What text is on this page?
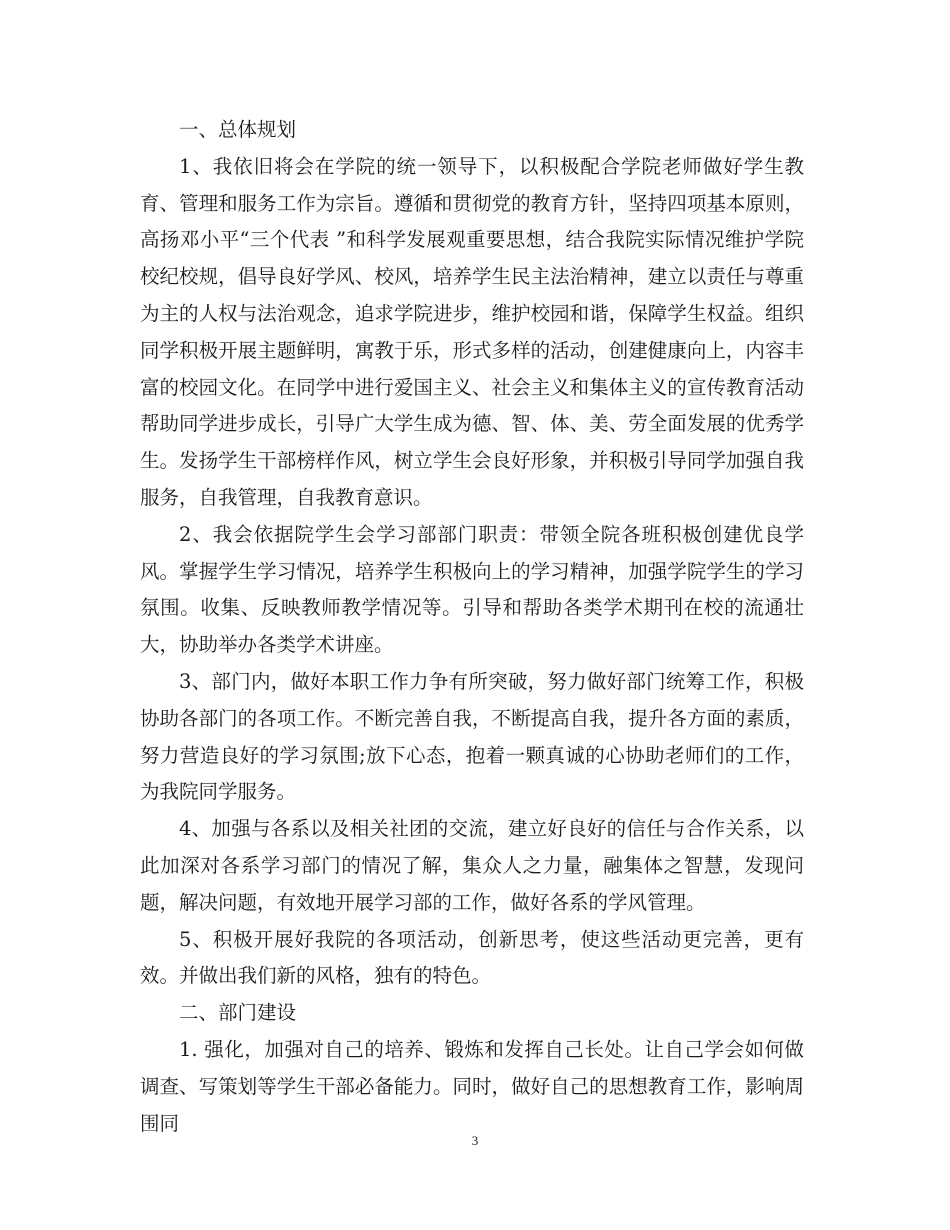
一、总体规划

1、我依旧将会在学院的统一领导下，以积极配合学院老师做好学生教育、管理和服务工作为宗旨。遵循和贯彻党的教育方针，坚持四项基本原则，高扬邓小平“三个代表 ”和科学发展观重要思想，结合我院实际情况维护学院校纪校规，倡导良好学风、校风，培养学生民主法治精神，建立以责任与尊重为主的人权与法治观念，追求学院进步，维护校园和谐，保障学生权益。组织同学积极开展主题鲜明，寓教于乐，形式多样的活动，创建健康向上，内容丰富的校园文化。在同学中进行爱国主义、社会主义和集体主义的宣传教育活动帮助同学进步成长，引导广大学生成为德、智、体、美、劳全面发展的优秀学生。发扬学生干部榜样作风，树立学生会良好形象，并积极引导同学加强自我服务，自我管理，自我教育意识。

2、我会依据院学生会学习部部门职责：带领全院各班积极创建优良学风。掌握学生学习情况，培养学生积极向上的学习精神，加强学院学生的学习氛围。收集、反映教师教学情况等。引导和帮助各类学术期刊在校的流通壮大，协助举办各类学术讲座。

3、部门内，做好本职工作力争有所突破，努力做好部门统筹工作，积极协助各部门的各项工作。不断完善自我，不断提高自我，提升各方面的素质，努力营造良好的学习氛围;放下心态，抱着一颗真诚的心协助老师们的工作，为我院同学服务。

4、加强与各系以及相关社团的交流，建立好良好的信任与合作关系，以此加深对各系学习部门的情况了解，集众人之力量，融集体之智慧，发现问题，解决问题，有效地开展学习部的工作，做好各系的学风管理。

5、积极开展好我院的各项活动，创新思考，使这些活动更完善，更有效。并做出我们新的风格，独有的特色。

二、部门建设

1. 强化，加强对自己的培养、锻炼和发挥自己长处。让自己学会如何做调查、写策划等学生干部必备能力。同时，做好自己的思想教育工作，影响周围同

3
